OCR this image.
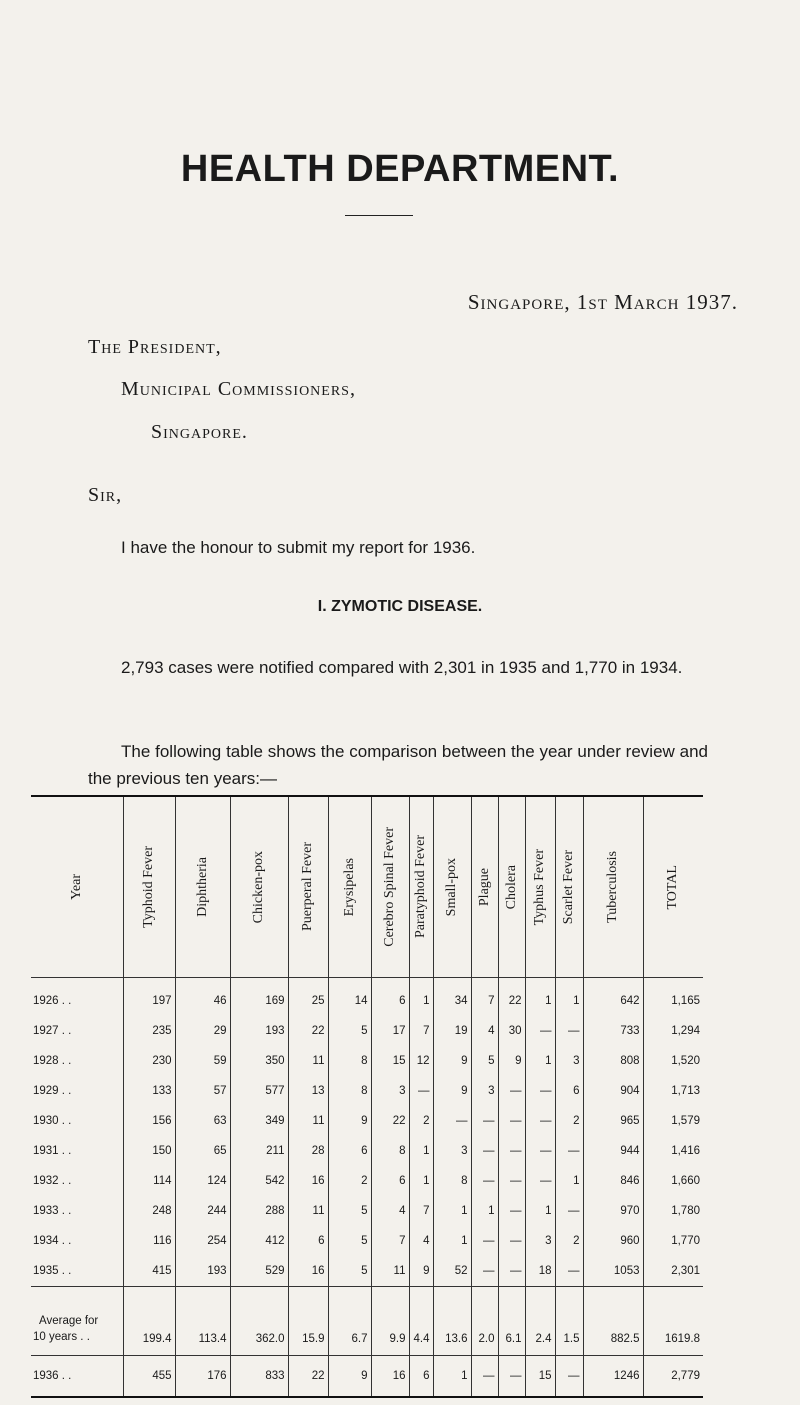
HEALTH DEPARTMENT.
Singapore, 1st March 1937.
The President,
Municipal Commissioners,
Singapore.
Sir,
I have the honour to submit my report for 1936.
I. ZYMOTIC DISEASE.
2,793 cases were notified compared with 2,301 in 1935 and 1,770 in 1934.
The following table shows the comparison between the year under review and the previous ten years:—
Year	Typhoid Fever	Diphtheria	Chicken-pox	Puerperal Fever	Erysipelas	Cerebro Spinal Fever	Paratyphoid Fever	Small-pox	Plague	Cholera	Typhus Fever	Scarlet Fever	Tuberculosis	TOTAL

1926 . .	197	46	169	25	14	6	1	34	7	22	1	1	642	1,165
1927 . .	235	29	193	22	5	17	7	19	4	30	—	—	733	1,294
1928 . .	230	59	350	11	8	15	12	9	5	9	1	3	808	1,520
1929 . .	133	57	577	13	8	3	—	9	3	—	—	6	904	1,713
1930 . .	156	63	349	11	9	22	2	—	—	—	—	2	965	1,579
1931 . .	150	65	211	28	6	8	1	3	—	—	—	—	944	1,416
1932 . .	114	124	542	16	2	6	1	8	—	—	—	1	846	1,660
1933 . .	248	244	288	11	5	4	7	1	1	—	1	—	970	1,780
1934 . .	116	254	412	6	5	7	4	1	—	—	3	2	960	1,770
1935 . .	415	193	529	16	5	11	9	52	—	—	18	—	1053	2,301

Average for
10 years . .	199.4	113.4	362.0	15.9	6.7	9.9	4.4	13.6	2.0	6.1	2.4	1.5	882.5	1619.8
1936 . .	455	176	833	22	9	16	6	1	—	—	15	—	1246	2,779
